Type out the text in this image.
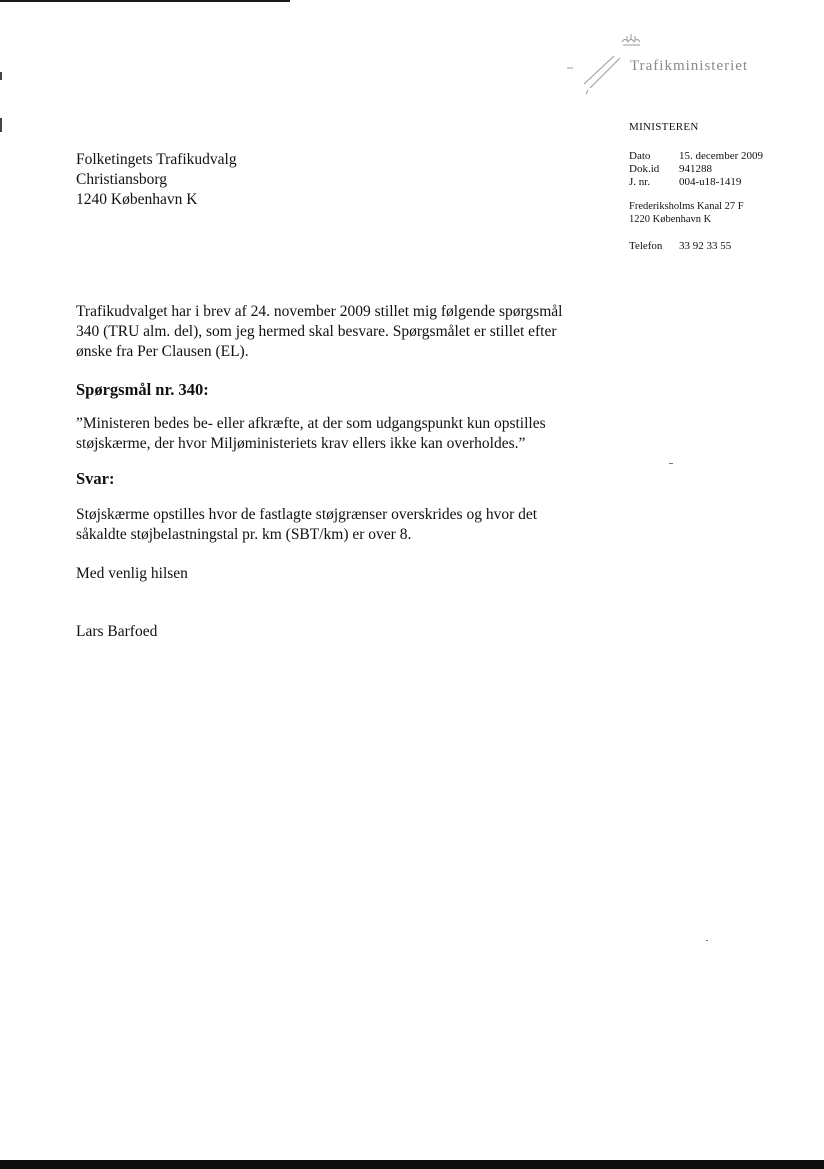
Trafikministeriet
MINISTEREN
Dato	15. december 2009
Dok.id	941288
J. nr.	004-u18-1419
Frederiksholms Kanal 27 F
1220 København K
Telefon	33 92 33 55
Folketingets Trafikudvalg
Christiansborg
1240 København K

Trafikudvalget har i brev af 24. november 2009 stillet mig følgende spørgsmål

340 (TRU alm. del), som jeg hermed skal besvare. Spørgsmålet er stillet efter

ønske fra Per Clausen (EL).

Spørgsmål nr. 340:

”Ministeren bedes be- eller afkræfte, at der som udgangspunkt kun opstilles

støjskærme, der hvor Miljøministeriets krav ellers ikke kan overholdes.”

Svar:

Støjskærme opstilles hvor de fastlagte støjgrænser overskrides og hvor det

såkaldte støjbelastningstal pr. km (SBT/km) er over 8.

Med venlig hilsen
Lars Barfoed
